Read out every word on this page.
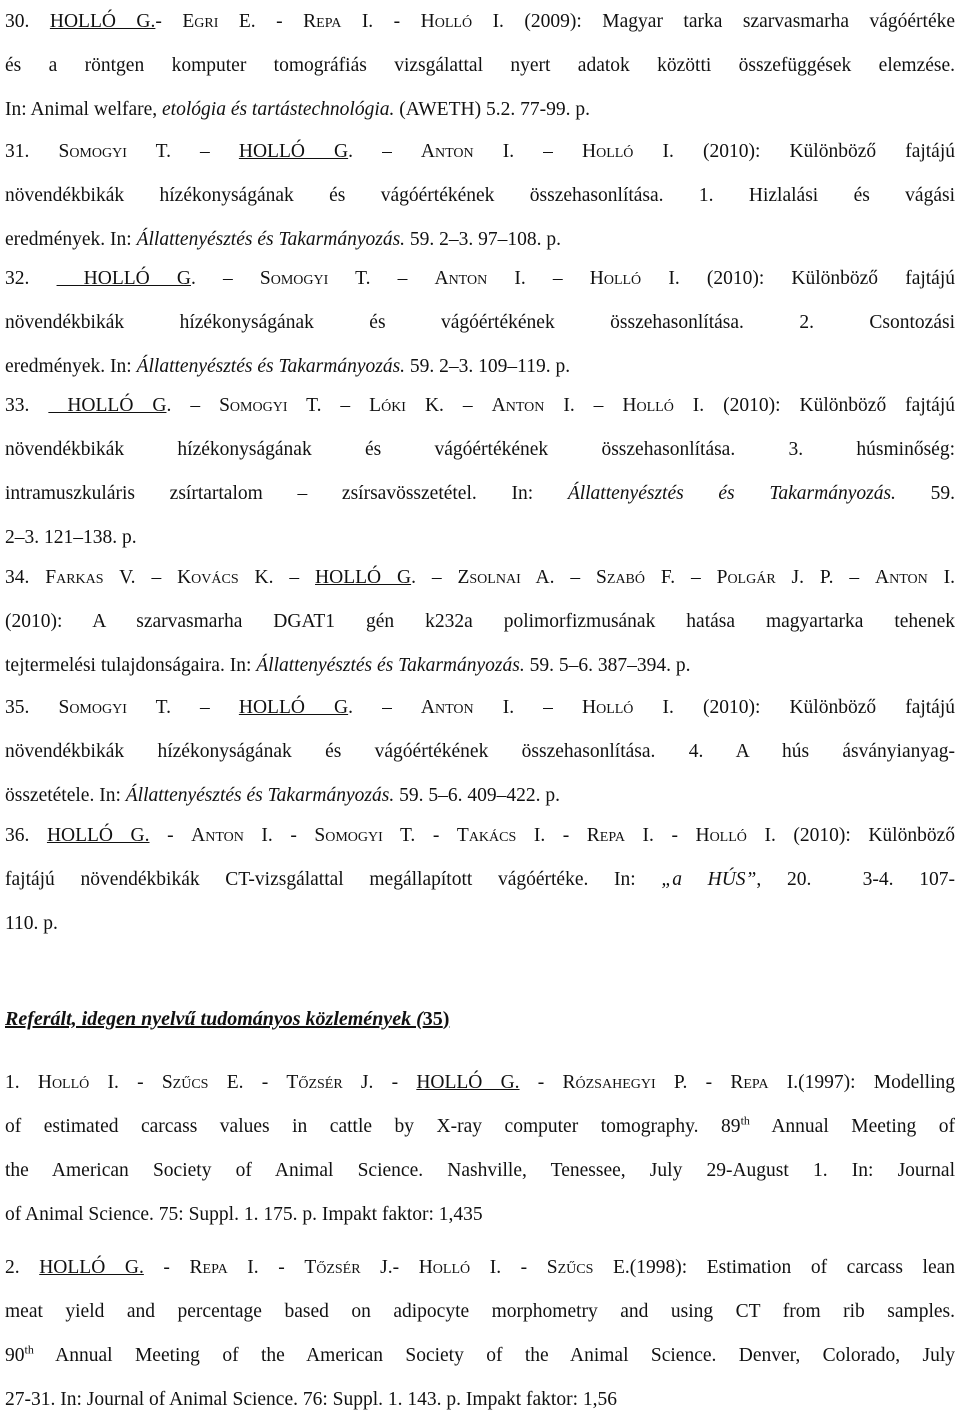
30. HOLLÓ G.- Egri E. - Repa I. - Holló I. (2009): Magyar tarka szarvasmarha vágóértéke
és a röntgen komputer tomográfiás vizsgálattal nyert adatok közötti összefüggések elemzése.
In: Animal welfare, etológia és tartástechnológia. (AWETH) 5.2. 77-99. p.
31. Somogyi T. – HOLLÓ G. – Anton I. – Holló I. (2010): Különböző fajtájú
növendékbikák hízékonyságának és vágóértékének összehasonlítása. 1. Hizlalási és vágási
eredmények. In: Állattenyésztés és Takarmányozás. 59. 2–3. 97–108. p.
32.  HOLLÓ G. – Somogyi T. – Anton I. – Holló I. (2010): Különböző fajtájú
növendékbikák hízékonyságának és vágóértékének összehasonlítása. 2. Csontozási
eredmények. In: Állattenyésztés és Takarmányozás. 59. 2–3. 109–119. p.
33.  HOLLÓ G. – Somogyi T. – Lóki K. – Anton I. – Holló I. (2010): Különböző fajtájú
növendékbikák hízékonyságának és vágóértékének összehasonlítása. 3. húsminőség:
intramuszkuláris zsírtartalom – zsírsavösszetétel. In: Állattenyésztés és Takarmányozás. 59.
2–3. 121–138. p.
34. Farkas V. – Kovács K. – HOLLÓ G. – Zsolnai A. – Szabó F. – Polgár J. P. – Anton I.
(2010): A szarvasmarha DGAT1 gén k232a polimorfizmusának hatása magyartarka tehenek
tejtermelési tulajdonságaira. In: Állattenyésztés és Takarmányozás. 59. 5–6. 387–394. p.
35. Somogyi T. – HOLLÓ G. – Anton I. – Holló I. (2010): Különböző fajtájú
növendékbikák hízékonyságának és vágóértékének összehasonlítása. 4. A hús ásványianyag-
összetétele. In: Állattenyésztés és Takarmányozás. 59. 5–6. 409–422. p.
36. HOLLÓ G. - Anton I. - Somogyi T. - Takács I. - Repa I. - Holló I. (2010): Különböző
fajtájú növendékbikák CT-vizsgálattal megállapított vágóértéke. In: „a HÚS”, 20.  3-4. 107-
110. p.
Referált, idegen nyelvű tudományos közlemények (35)
1. Holló I. - Szűcs E. - Tőzsér J. - HOLLÓ G. - Rózsahegyi P. - Repa I.(1997): Modelling
of estimated carcass values in cattle by X-ray computer tomography. 89th Annual Meeting of
the American Society of Animal Science. Nashville, Tenessee, July 29-August 1. In: Journal
of Animal Science. 75: Suppl. 1. 175. p. Impakt faktor: 1,435
2. HOLLÓ G. - Repa I. - Tőzsér J.- Holló I. - Szűcs E.(1998): Estimation of carcass lean
meat yield and percentage based on adipocyte morphometry and using CT from rib samples.
90th Annual Meeting of the American Society of the Animal Science. Denver, Colorado, July
27-31. In: Journal of Animal Science. 76: Suppl. 1. 143. p. Impakt faktor: 1,56
